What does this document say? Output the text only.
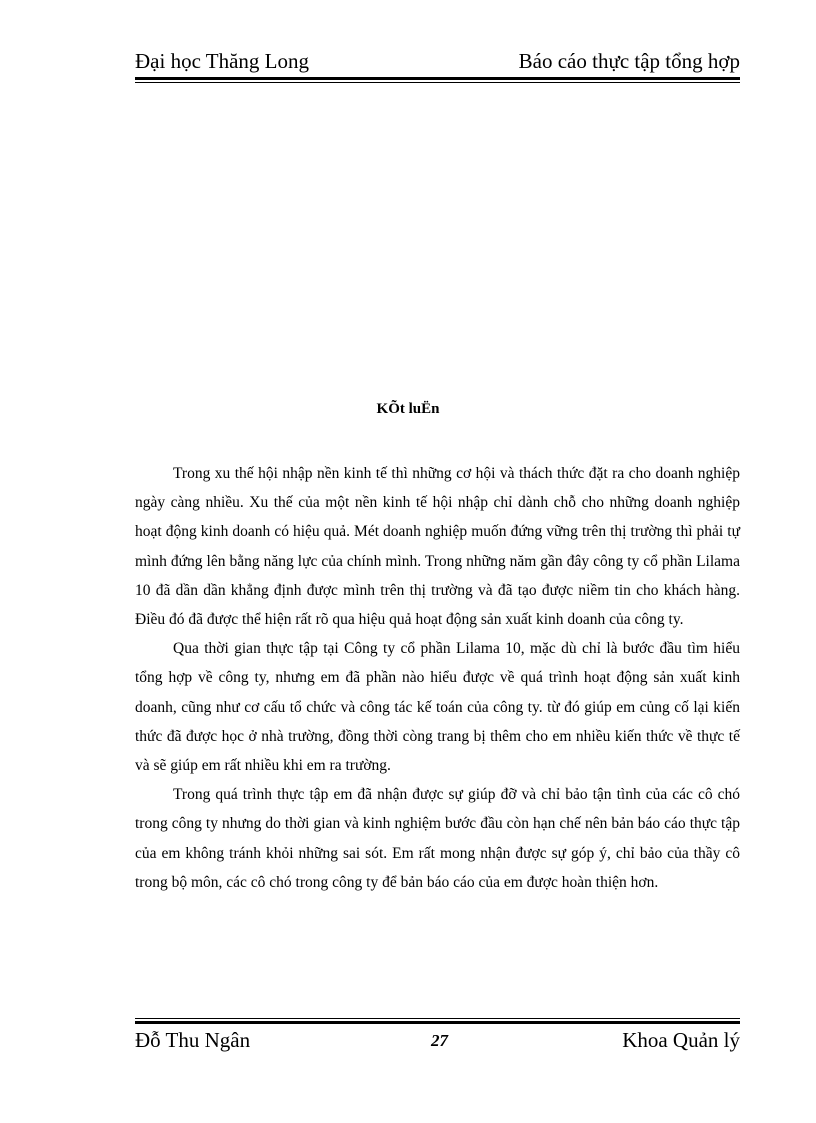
Đại học Thăng Long	Báo cáo thực tập tổng hợp
KÕt luËn

Trong xu thế hội nhập nền kinh tế thì những cơ hội và thách thức đặt ra cho doanh nghiệp ngày càng nhiều. Xu thế của một nền kinh tế hội nhập chỉ dành chỗ cho những doanh nghiệp hoạt động kinh doanh có hiệu quả. Mét doanh nghiệp muốn đứng vững trên thị trường thì phải tự mình đứng lên bằng năng lực của chính mình. Trong những năm gần đây công ty cổ phần Lilama 10 đã dần dần khẳng định được mình trên thị trường và đã tạo được niềm tin cho khách hàng. Điều đó đã được thể hiện rất rõ qua hiệu quả hoạt động sản xuất kinh doanh của công ty.

Qua thời gian thực tập tại Công ty cổ phần Lilama 10, mặc dù chỉ là bước đầu tìm hiểu tổng hợp về công ty, nhưng em đã phần nào hiểu được về quá trình hoạt động sản xuất kinh doanh, cũng như cơ cấu tổ chức và công tác kế toán của công ty. từ đó giúp em củng cố lại kiến thức đã được học ở nhà trường, đồng thời còng trang bị thêm cho em nhiều kiến thức về thực tế và sẽ giúp em rất nhiều khi em ra trường.

Trong quá trình thực tập em đã nhận được sự giúp đỡ và chỉ bảo tận tình của các cô chó trong công ty nhưng do thời gian và kinh nghiệm bước đầu còn hạn chế nên bản báo cáo thực tập của em không tránh khỏi những sai sót. Em rất mong nhận được sự góp ý, chỉ bảo của thầy cô trong bộ môn, các cô chó trong công ty để bản báo cáo của em được hoàn thiện hơn.

Đỗ Thu Ngân	27	Khoa Quản lý
